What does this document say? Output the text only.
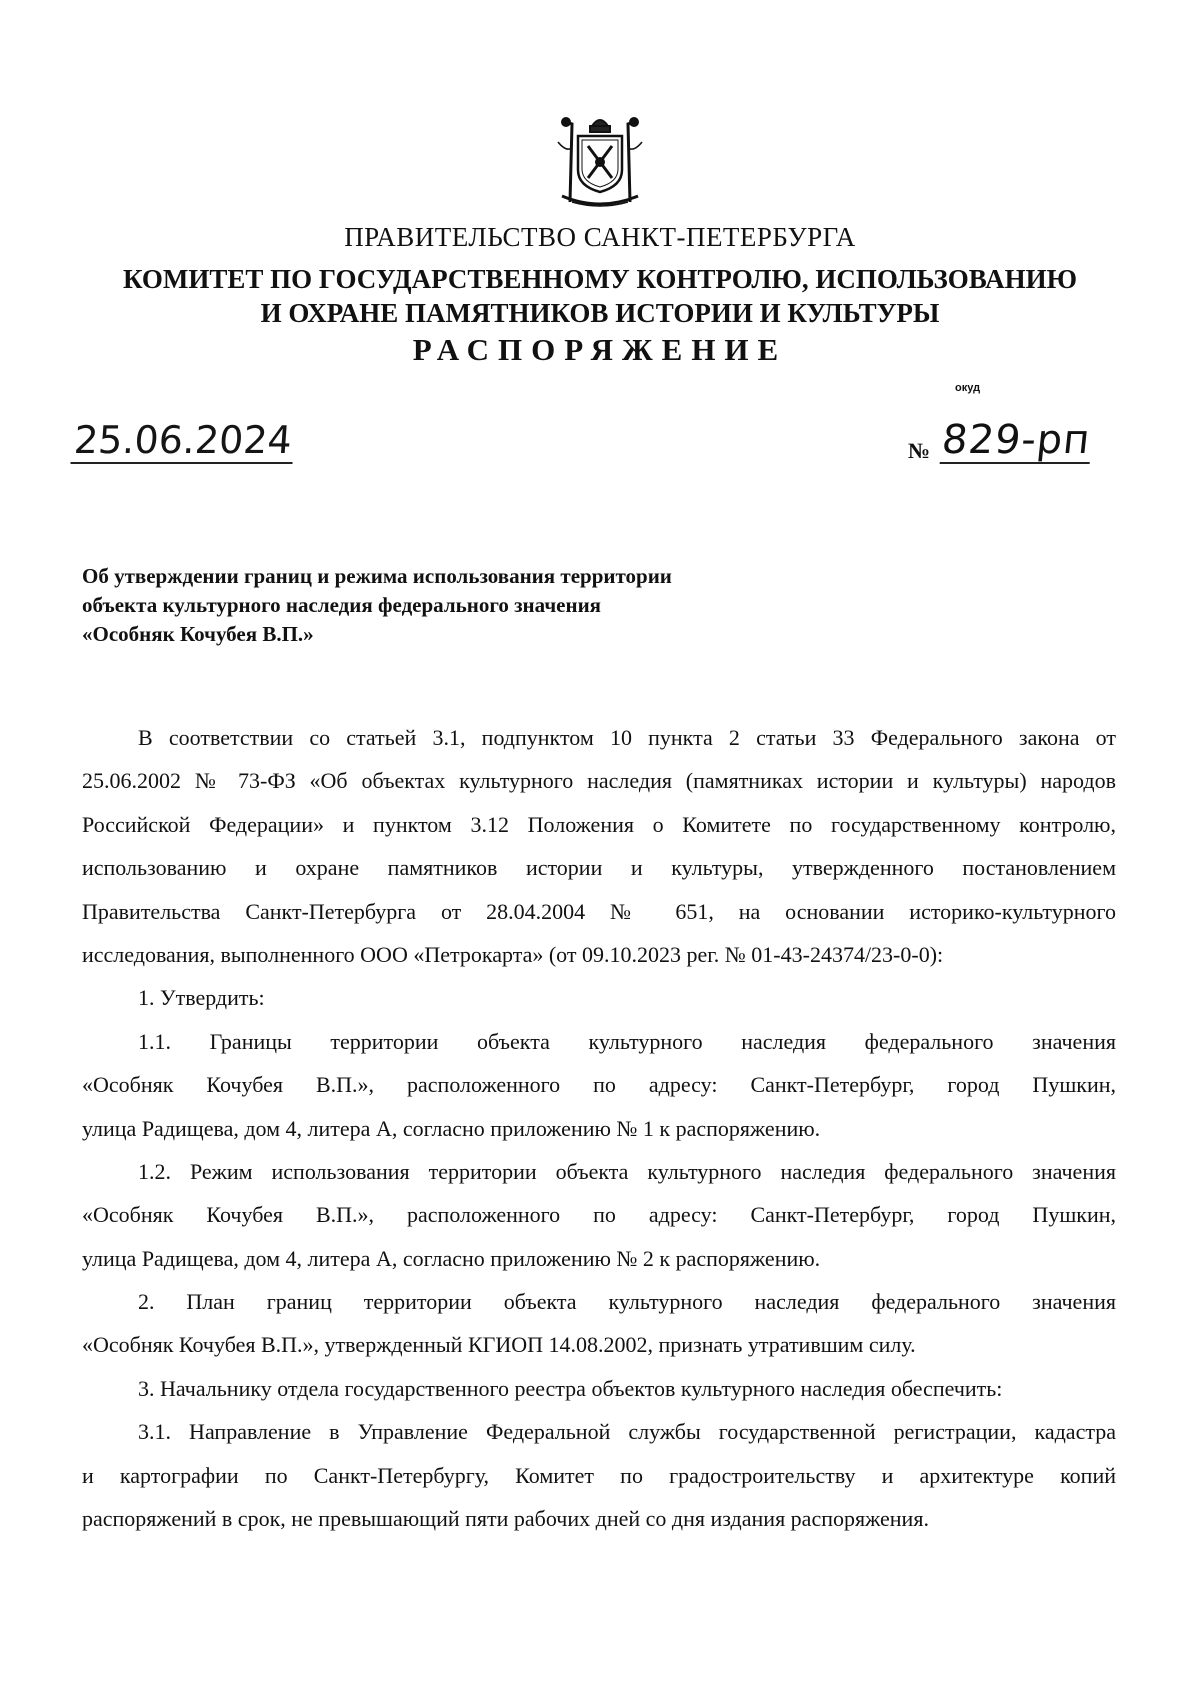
ПРАВИТЕЛЬСТВО САНКТ-ПЕТЕРБУРГА
КОМИТЕТ ПО ГОСУДАРСТВЕННОМУ КОНТРОЛЮ, ИСПОЛЬЗОВАНИЮ
И ОХРАНЕ ПАМЯТНИКОВ ИСТОРИИ И КУЛЬТУРЫ
РАСПОРЯЖЕНИЕ
окуд
25.06.2024	№ 829-рп
Об утверждении границ и режима использования территории
объекта культурного наследия федерального значения
«Особняк Кочубея В.П.»
В соответствии со статьей 3.1, подпунктом 10 пункта 2 статьи 33 Федерального закона от
25.06.2002 № 73-ФЗ «Об объектах культурного наследия (памятниках истории и культуры) народов
Российской Федерации» и пунктом 3.12 Положения о Комитете по государственному контролю,
использованию и охране памятников истории и культуры, утвержденного постановлением
Правительства Санкт-Петербурга от 28.04.2004 № 651, на основании историко-культурного
исследования, выполненного ООО «Петрокарта» (от 09.10.2023 рег. № 01-43-24374/23-0-0):
1. Утвердить:
1.1. Границы территории объекта культурного наследия федерального значения
«Особняк Кочубея В.П.», расположенного по адресу: Санкт-Петербург, город Пушкин,
улица Радищева, дом 4, литера А, согласно приложению № 1 к распоряжению.
1.2. Режим использования территории объекта культурного наследия федерального значения
«Особняк Кочубея В.П.», расположенного по адресу: Санкт-Петербург, город Пушкин,
улица Радищева, дом 4, литера А, согласно приложению № 2 к распоряжению.
2. План границ территории объекта культурного наследия федерального значения
«Особняк Кочубея В.П.», утвержденный КГИОП 14.08.2002, признать утратившим силу.
3. Начальнику отдела государственного реестра объектов культурного наследия обеспечить:
3.1. Направление в Управление Федеральной службы государственной регистрации, кадастра
и картографии по Санкт-Петербургу, Комитет по градостроительству и архитектуре копий
распоряжений в срок, не превышающий пяти рабочих дней со дня издания распоряжения.
